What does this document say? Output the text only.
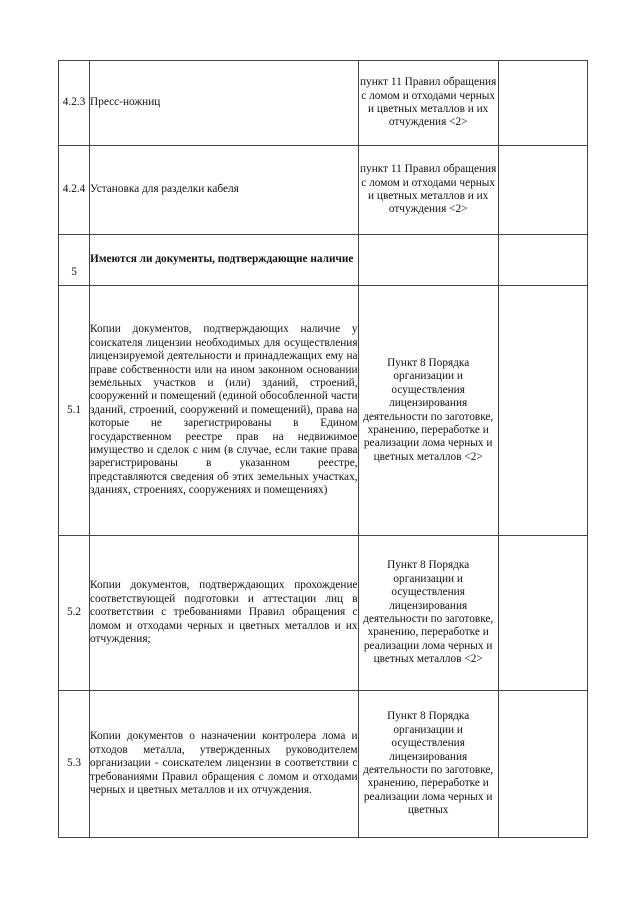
4.2.3	Пресс-ножниц	пункт 11 Правил обращения с ломом и отходами черных и цветных металлов и их отчуждения <2>	
4.2.4	Установка для разделки кабеля	пункт 11 Правил обращения с ломом и отходами черных и цветных металлов и их отчуждения <2>	
5	Имеются ли документы, подтверждающие наличие		
5.1	Копии документов, подтверждающих наличие у соискателя лицензии необходимых для осуществления лицензируемой деятельности и принадлежащих ему на праве собственности или на ином законном основании земельных участков и (или) зданий, строений, сооружений и помещений (единой обособленной части зданий, строений, сооружений и помещений), права на которые не зарегистрированы в Едином государственном реестре прав на недвижимое имущество и сделок с ним (в случае, если такие права зарегистрированы в указанном реестре, представляются сведения об этих земельных участках, зданиях, строениях, сооружениях и помещениях)	Пункт 8 Порядка организации и осуществления лицензирования деятельности по заготовке, хранению, переработке и реализации лома черных и цветных металлов <2>	
5.2	Копии документов, подтверждающих прохождение соответствующей подготовки и аттестации лиц в соответствии с требованиями Правил обращения с ломом и отходами черных и цветных металлов и их отчуждения;	Пункт 8 Порядка организации и осуществления лицензирования деятельности по заготовке, хранению, переработке и реализации лома черных и цветных металлов <2>	
5.3	Копии документов о назначении контролера лома и отходов металла, утвержденных руководителем организации - соискателем лицензии в соответствии с требованиями Правил обращения с ломом и отходами черных и цветных металлов и их отчуждения.	Пункт 8 Порядка организации и осуществления лицензирования деятельности по заготовке, хранению, переработке и реализации лома черных и цветных	
